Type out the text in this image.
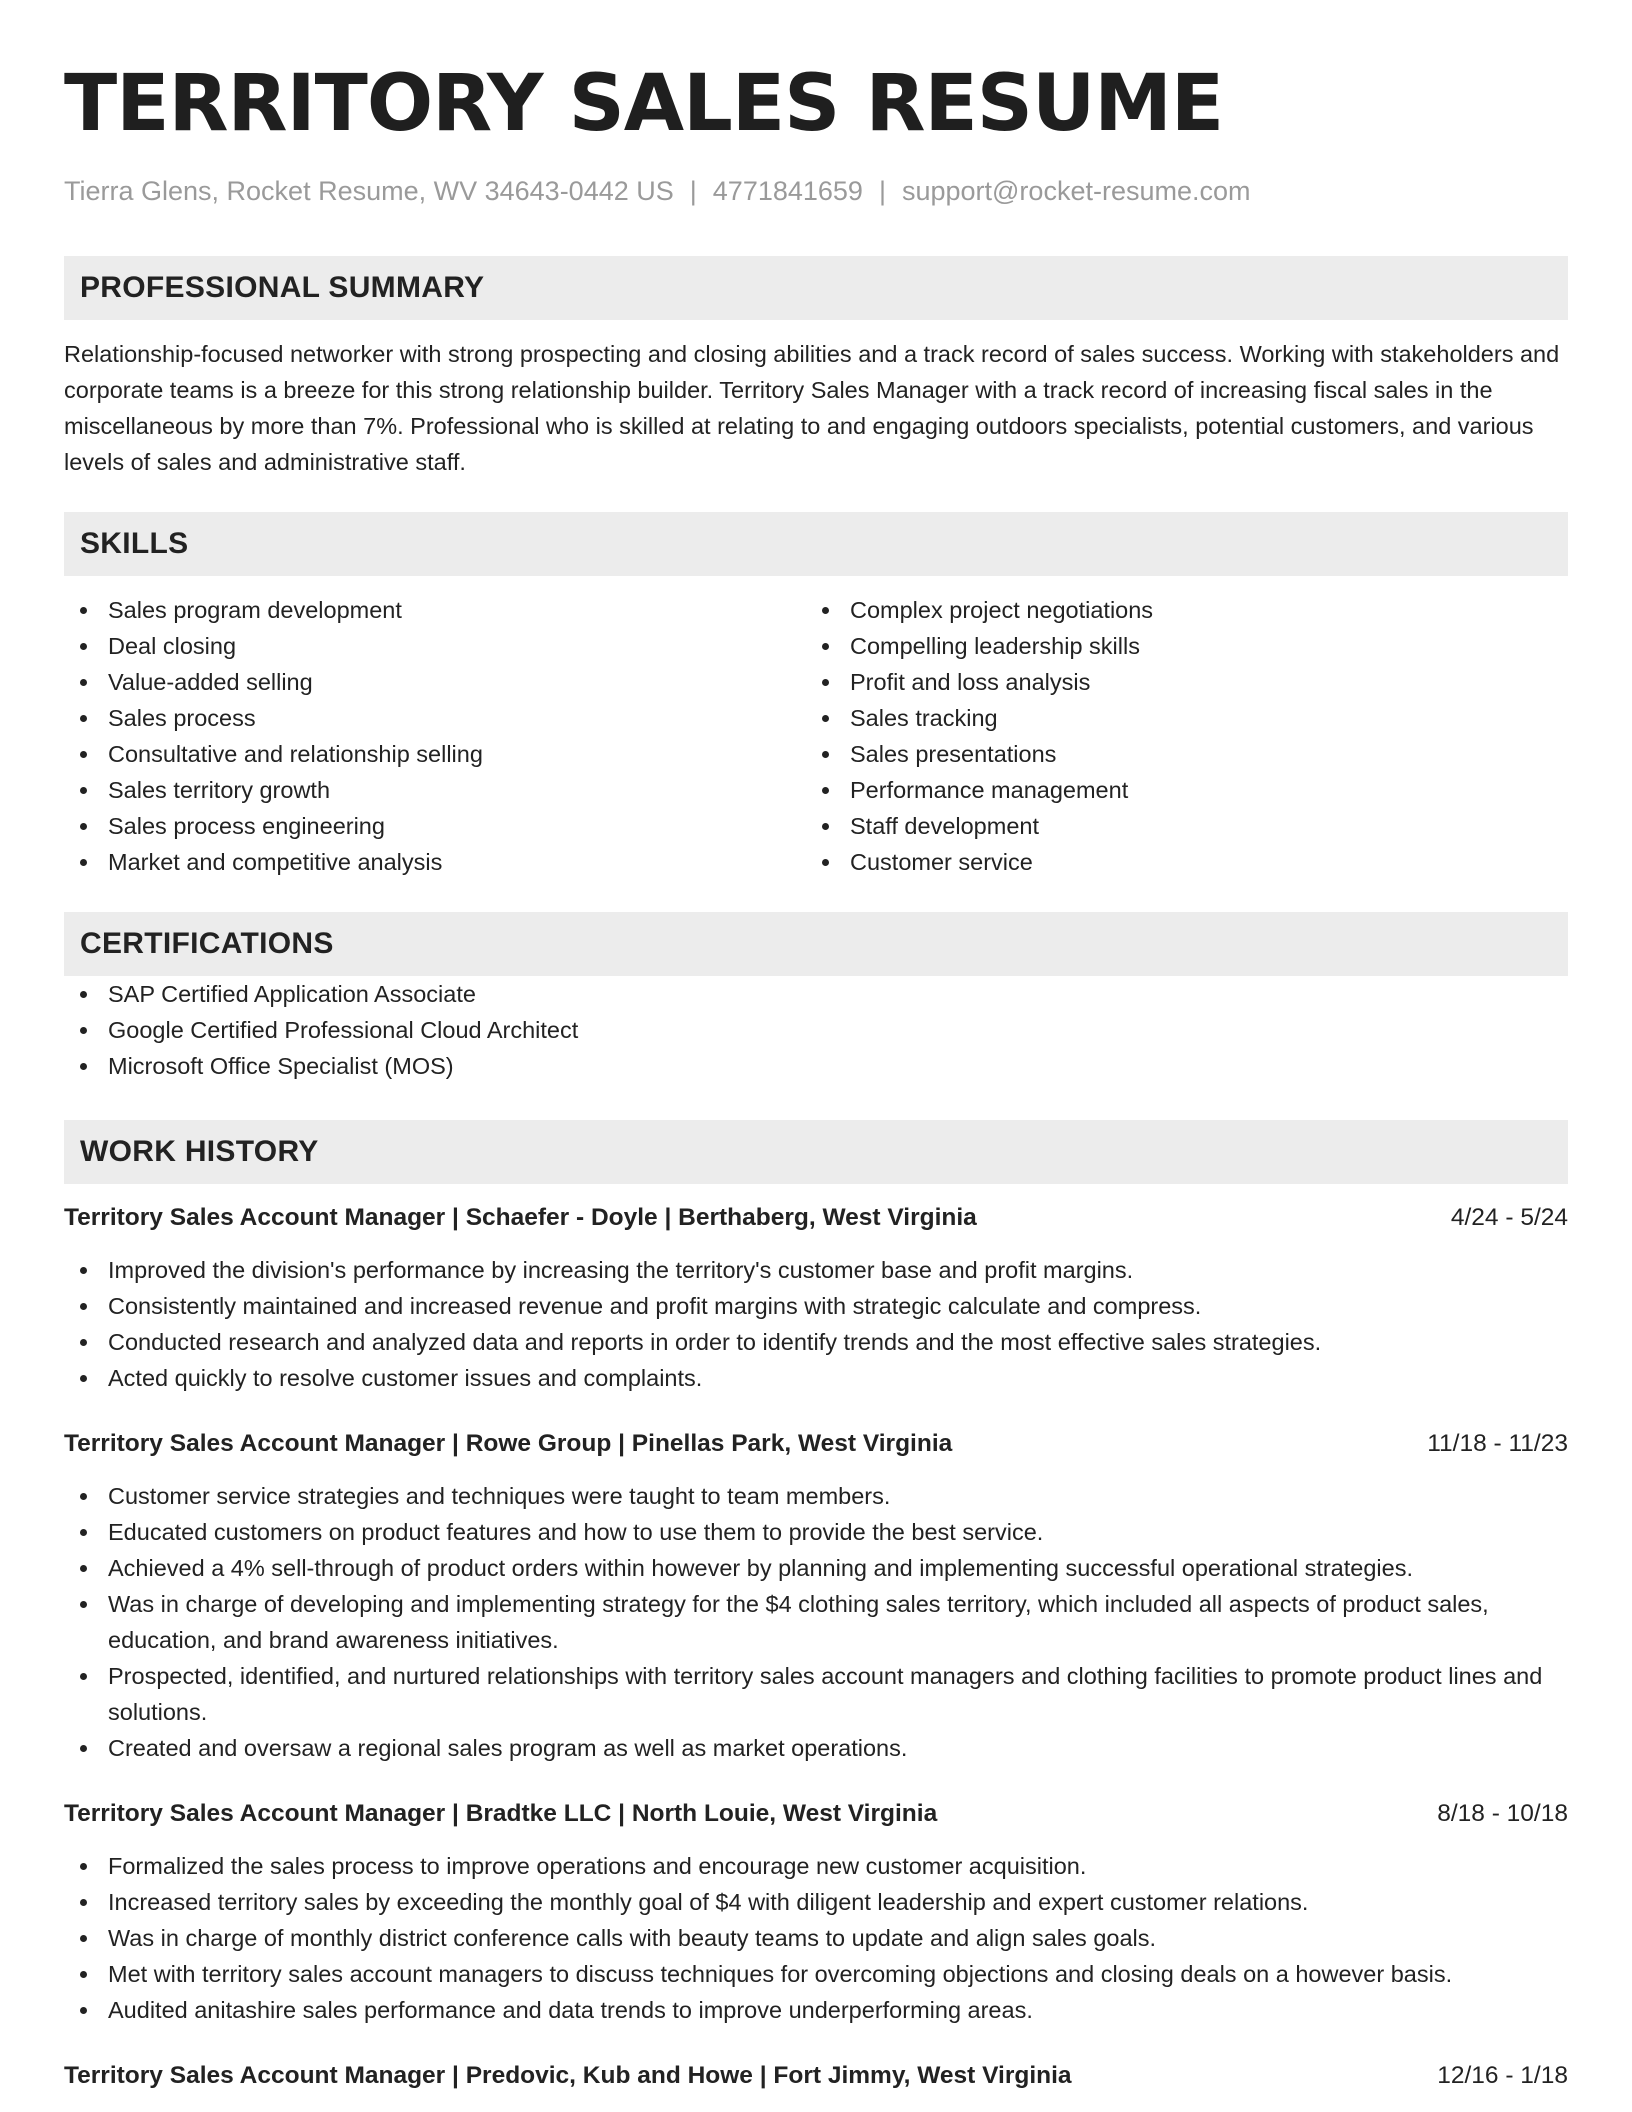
TERRITORY SALES RESUME
Tierra Glens, Rocket Resume, WV 34643-0442 US | 4771841659 | support@rocket-resume.com
PROFESSIONAL SUMMARY

Relationship-focused networker with strong prospecting and closing abilities and a track record of sales success. Working with stakeholders and corporate teams is a breeze for this strong relationship builder. Territory Sales Manager with a track record of increasing fiscal sales in the miscellaneous by more than 7%. Professional who is skilled at relating to and engaging outdoors specialists, potential customers, and various levels of sales and administrative staff.

SKILLS
Sales program development
Deal closing
Value-added selling
Sales process
Consultative and relationship selling
Sales territory growth
Sales process engineering
Market and competitive analysis
Complex project negotiations
Compelling leadership skills
Profit and loss analysis
Sales tracking
Sales presentations
Performance management
Staff development
Customer service
CERTIFICATIONS
SAP Certified Application Associate
Google Certified Professional Cloud Architect
Microsoft Office Specialist (MOS)
WORK HISTORY
Territory Sales Account Manager | Schaefer - Doyle | Berthaberg, West Virginia	4/24 - 5/24
Improved the division's performance by increasing the territory's customer base and profit margins.
Consistently maintained and increased revenue and profit margins with strategic calculate and compress.
Conducted research and analyzed data and reports in order to identify trends and the most effective sales strategies.
Acted quickly to resolve customer issues and complaints.
Territory Sales Account Manager | Rowe Group | Pinellas Park, West Virginia	11/18 - 11/23
Customer service strategies and techniques were taught to team members.
Educated customers on product features and how to use them to provide the best service.
Achieved a 4% sell-through of product orders within however by planning and implementing successful operational strategies.
Was in charge of developing and implementing strategy for the $4 clothing sales territory, which included all aspects of product sales, education, and brand awareness initiatives.
Prospected, identified, and nurtured relationships with territory sales account managers and clothing facilities to promote product lines and solutions.
Created and oversaw a regional sales program as well as market operations.
Territory Sales Account Manager | Bradtke LLC | North Louie, West Virginia	8/18 - 10/18
Formalized the sales process to improve operations and encourage new customer acquisition.
Increased territory sales by exceeding the monthly goal of $4 with diligent leadership and expert customer relations.
Was in charge of monthly district conference calls with beauty teams to update and align sales goals.
Met with territory sales account managers to discuss techniques for overcoming objections and closing deals on a however basis.
Audited anitashire sales performance and data trends to improve underperforming areas.
Territory Sales Account Manager | Predovic, Kub and Howe | Fort Jimmy, West Virginia	12/16 - 1/18
